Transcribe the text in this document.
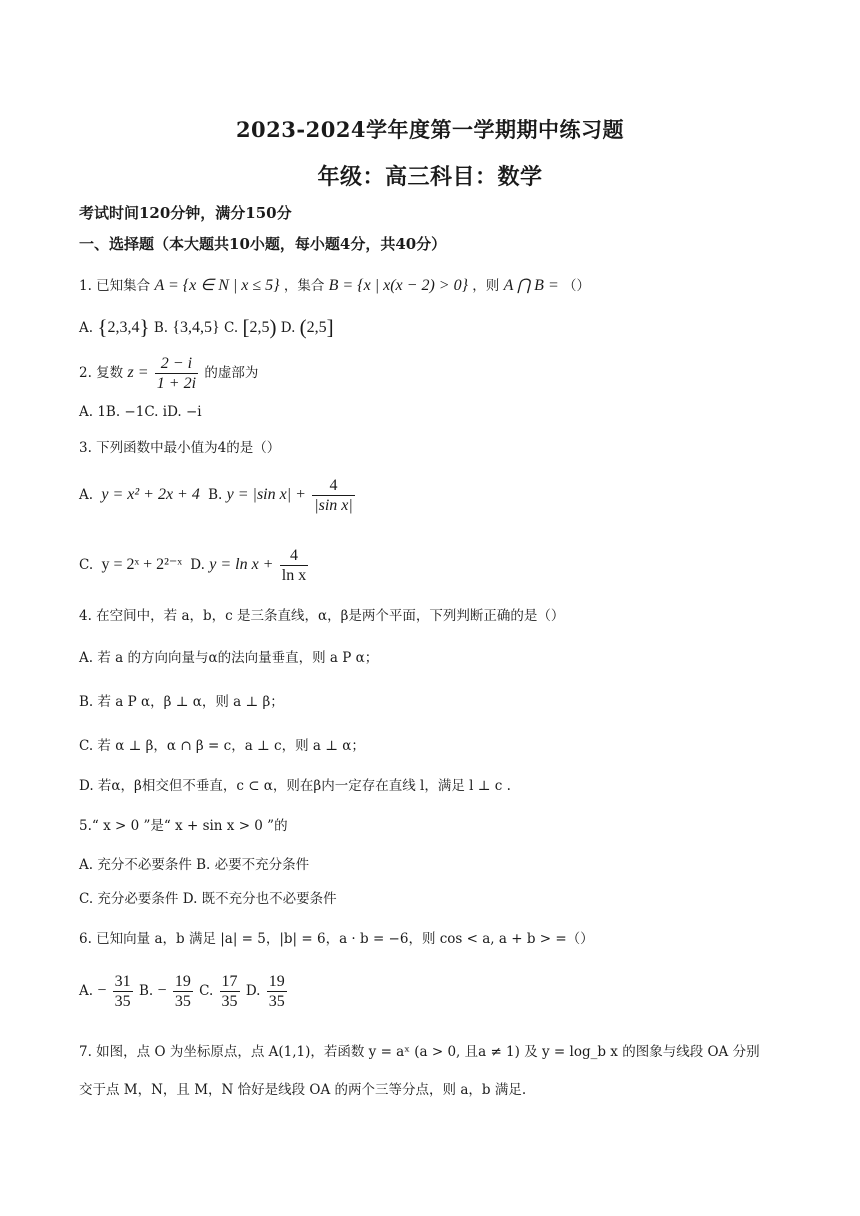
2023-2024学年度第一学期期中练习题
年级：高三科目：数学
考试时间120分钟，满分150分
一、选择题（本大题共10小题，每小题4分，共40分）
1. 已知集合 A = {x ∈ N | x ≤ 5} ，集合 B = {x | x(x − 2) > 0} ，则 A ⋂ B = （）
A. {2,3,4} B. {3,4,5} C. [2,5) D. (2,5]
2. 复数 $z = \frac{2 - i}{1 + 2i}$ 的虚部为
A. 1B. −1C. iD. −i
3. 下列函数中最小值为4的是（）
A. y = x² + 2x + 4 B. y = |sin $x| + \frac{4}{\text{|sin x|}}$
C. y = 2ˣ + 2²⁻ˣ D. $y = \ln x + \frac{4}{\text{ln x}}$
4. 在空间中，若 a，b，c 是三条直线，α，β是两个平面，下列判断正确的是（）
A. 若 a 的方向向量与α的法向量垂直，则 a P α；
B. 若 a P α，β ⊥ α，则 a ⊥ β；
C. 若 α ⊥ β，α ∩ β = c，a ⊥ c，则 a ⊥ α；
D. 若α，β相交但不垂直，c ⊂ α，则在β内一定存在直线 l，满足 l ⊥ c .
5.“ x > 0 ”是“ x + sin x > 0 ”的
A. 充分不必要条件 B. 必要不充分条件
C. 充分必要条件 D. 既不充分也不必要条件
6. 已知向量 a，b 满足 |a| = 5，|b| = 6，a · b = −6，则 cos < a, a + b > =（）
A. − $\frac{31}{35} B$. − $\frac{19}{35} C$. $\frac{17}{35} D$. $\frac{19}{35}$
7. 如图，点 O 为坐标原点，点 A(1,1)，若函数 y = aˣ (a > 0, 且a ≠ 1) 及 y = log_b x 的图象与线段 OA 分别
交于点 M，N，且 M，N 恰好是线段 OA 的两个三等分点，则 a，b 满足.
